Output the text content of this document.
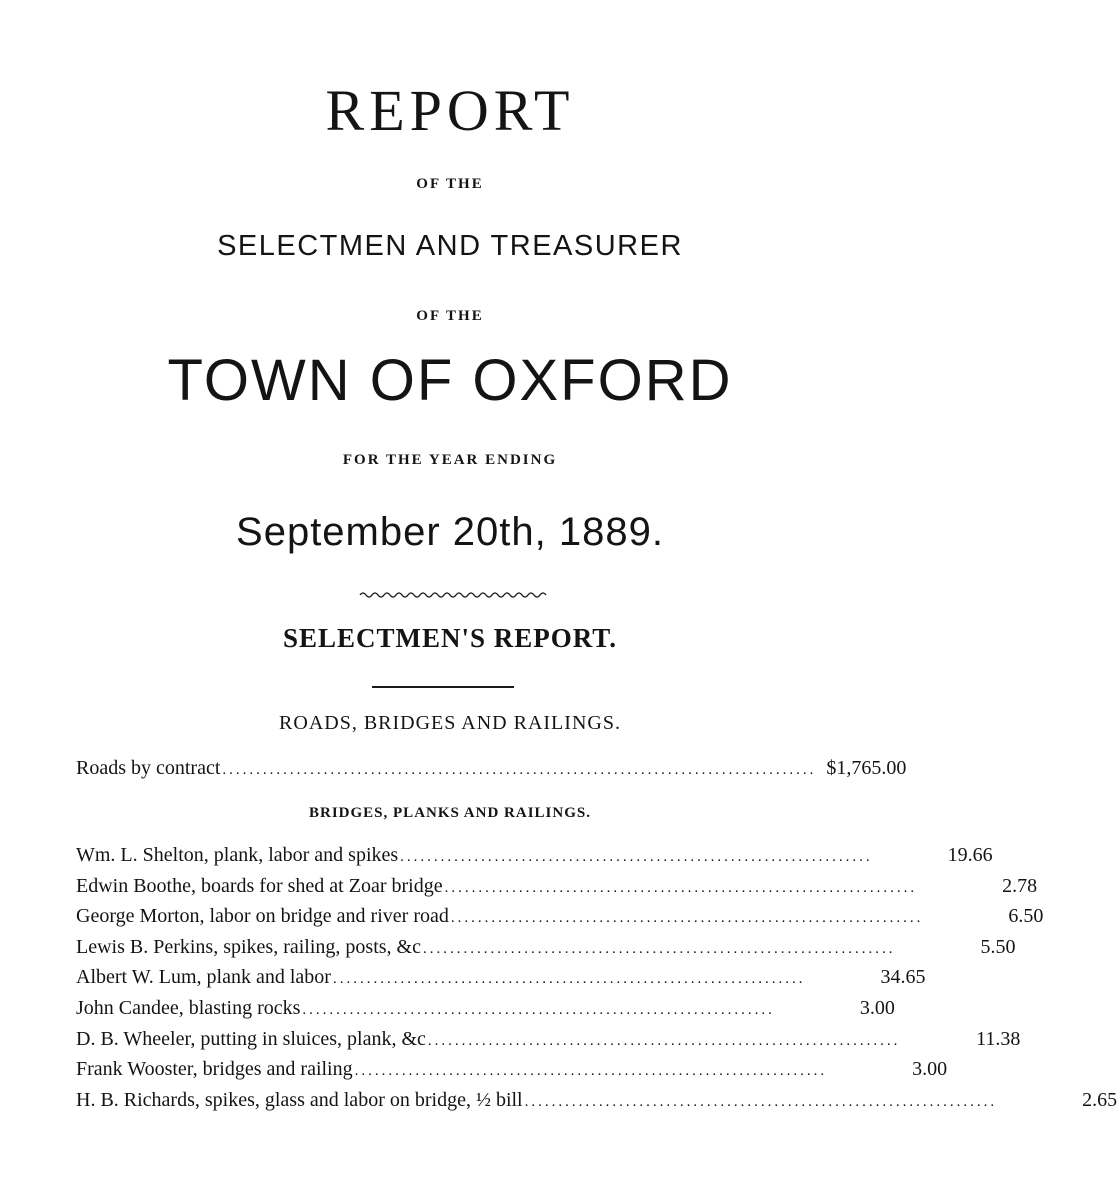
REPORT
OF THE
SELECTMEN AND TREASURER
OF THE
TOWN OF OXFORD
FOR THE YEAR ENDING
September 20th, 1889.
SELECTMEN'S REPORT.
ROADS, BRIDGES AND RAILINGS.
Roads by contract ........................................................................................ $1,765.00
BRIDGES, PLANKS AND RAILINGS.
Wm. L. Shelton, plank, labor and spikes ......................................................................	19.66
Edwin Boothe, boards for shed at Zoar bridge ......................................................................	2.78
George Morton, labor on bridge and river road ......................................................................	6.50
Lewis B. Perkins, spikes, railing, posts, &c ......................................................................	5.50
Albert W. Lum, plank and labor ......................................................................	34.65
John Candee, blasting rocks ......................................................................	3.00
D. B. Wheeler, putting in sluices, plank, &c ......................................................................	11.38
Frank Wooster, bridges and railing ......................................................................	3.00
H. B. Richards, spikes, glass and labor on bridge, ½ bill ......................................................................	2.65
